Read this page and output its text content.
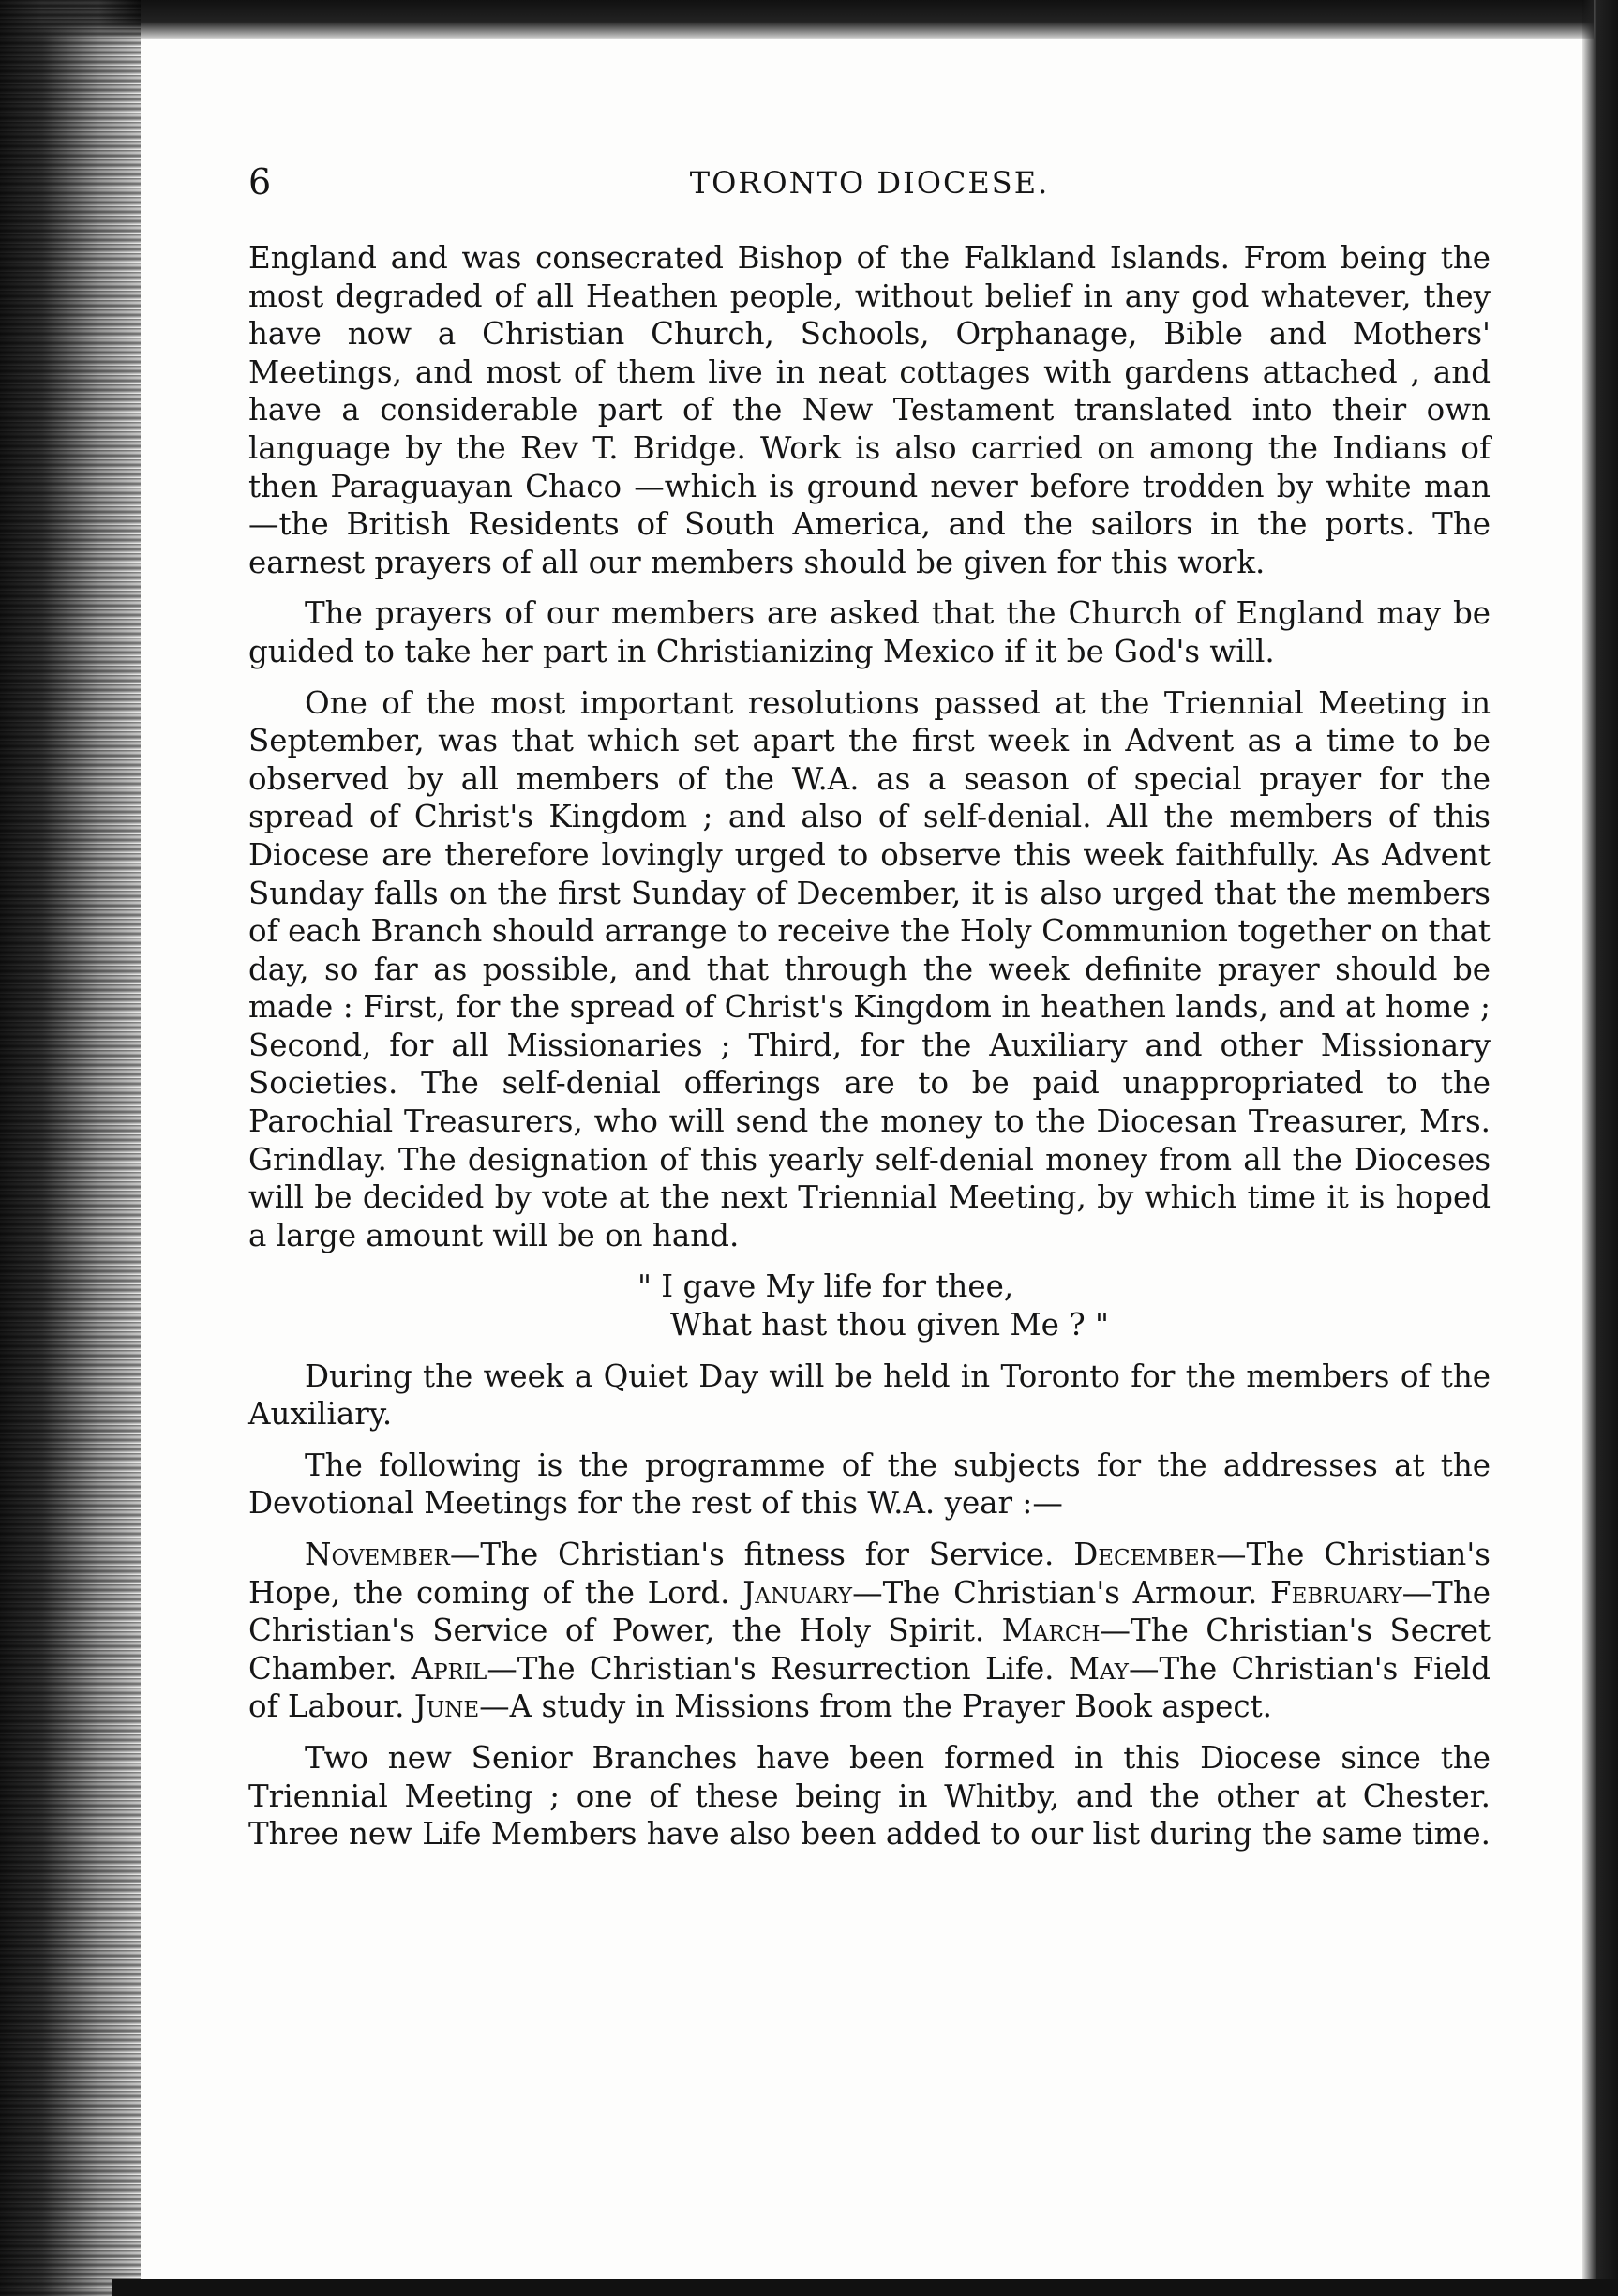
6	TORONTO DIOCESE.

England and was consecrated Bishop of the Falkland Islands. From being the most degraded of all Heathen people, without belief in any god whatever, they have now a Christian Church, Schools, Orphanage, Bible and Mothers' Meetings, and most of them live in neat cottages with gardens attached , and have a considerable part of the New Testament translated into their own language by the Rev T. Bridge. Work is also carried on among the Indians of then Paraguayan Chaco —which is ground never before trodden by white man—the British Residents of South America, and the sailors in the ports. The earnest prayers of all our members should be given for this work.

The prayers of our members are asked that the Church of England may be guided to take her part in Christianizing Mexico if it be God's will.

One of the most important resolutions passed at the Triennial Meeting in September, was that which set apart the first week in Advent as a time to be observed by all members of the W.A. as a season of special prayer for the spread of Christ's Kingdom ; and also of self-denial. All the members of this Diocese are therefore lovingly urged to observe this week faithfully. As Advent Sunday falls on the first Sunday of December, it is also urged that the members of each Branch should arrange to receive the Holy Communion together on that day, so far as possible, and that through the week definite prayer should be made : First, for the spread of Christ's Kingdom in heathen lands, and at home ; Second, for all Missionaries ; Third, for the Auxiliary and other Missionary Societies. The self-denial offerings are to be paid unappropriated to the Parochial Treasurers, who will send the money to the Diocesan Treasurer, Mrs. Grindlay. The designation of this yearly self-denial money from all the Dioceses will be decided by vote at the next Triennial Meeting, by which time it is hoped a large amount will be on hand.

" I gave My life for thee,
What hast thou given Me ? "

During the week a Quiet Day will be held in Toronto for the members of the Auxiliary.

The following is the programme of the subjects for the addresses at the Devotional Meetings for the rest of this W.A. year :—

November—The Christian's fitness for Service. December—The Christian's Hope, the coming of the Lord. January—The Christian's Armour. February—The Christian's Service of Power, the Holy Spirit. March—The Christian's Secret Chamber. April—The Christian's Resurrection Life. May—The Christian's Field of Labour. June—A study in Missions from the Prayer Book aspect.

Two new Senior Branches have been formed in this Diocese since the Triennial Meeting ; one of these being in Whitby, and the other at Chester. Three new Life Members have also been added to our list during the same time.
